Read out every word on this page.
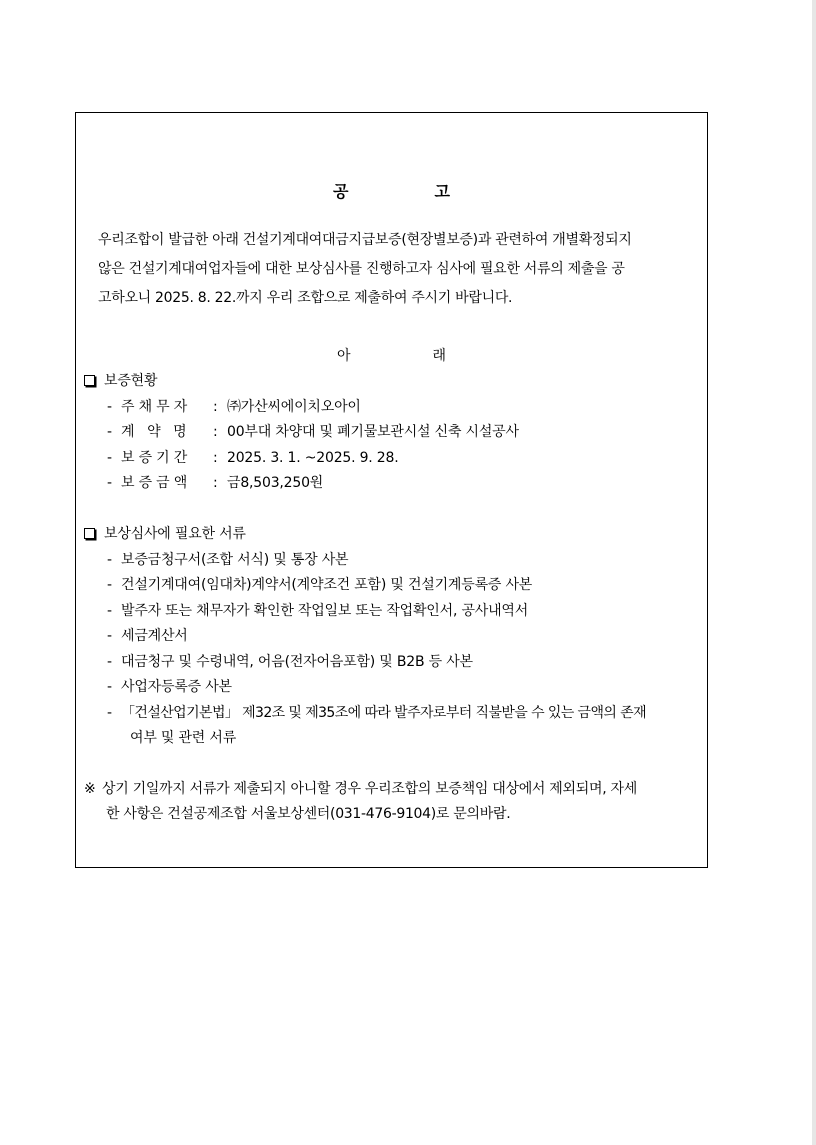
공	고
우리조합이 발급한 아래 건설기계대여대금지급보증(현장별보증)과 관련하여 개별확정되지
않은 건설기계대여업자들에 대한 보상심사를 진행하고자 심사에 필요한 서류의 제출을 공
고하오니 2025. 8. 22.까지 우리 조합으로 제출하여 주시기 바랍니다.
아	래
보증현황
- 주 채 무 자 : ㈜가산씨에이치오아이
- 계   약   명 : 00부대 차양대 및 폐기물보관시설 신축 시설공사
- 보 증 기 간 : 2025. 3. 1. ~2025. 9. 28.
- 보 증 금 액 : 금8,503,250원
보상심사에 필요한 서류
- 보증금청구서(조합 서식) 및 통장 사본
- 건설기계대여(임대차)계약서(계약조건 포함) 및 건설기계등록증 사본
- 발주자 또는 채무자가 확인한 작업일보 또는 작업확인서, 공사내역서
- 세금계산서
- 대금청구 및 수령내역, 어음(전자어음포함) 및 B2B 등 사본
- 사업자등록증 사본
- 「건설산업기본법」 제32조 및 제35조에 따라 발주자로부터 직불받을 수 있는 금액의 존재
여부 및 관련 서류
※ 상기 기일까지 서류가 제출되지 아니할 경우 우리조합의 보증책임 대상에서 제외되며, 자세
한 사항은 건설공제조합 서울보상센터(031-476-9104)로 문의바람.
